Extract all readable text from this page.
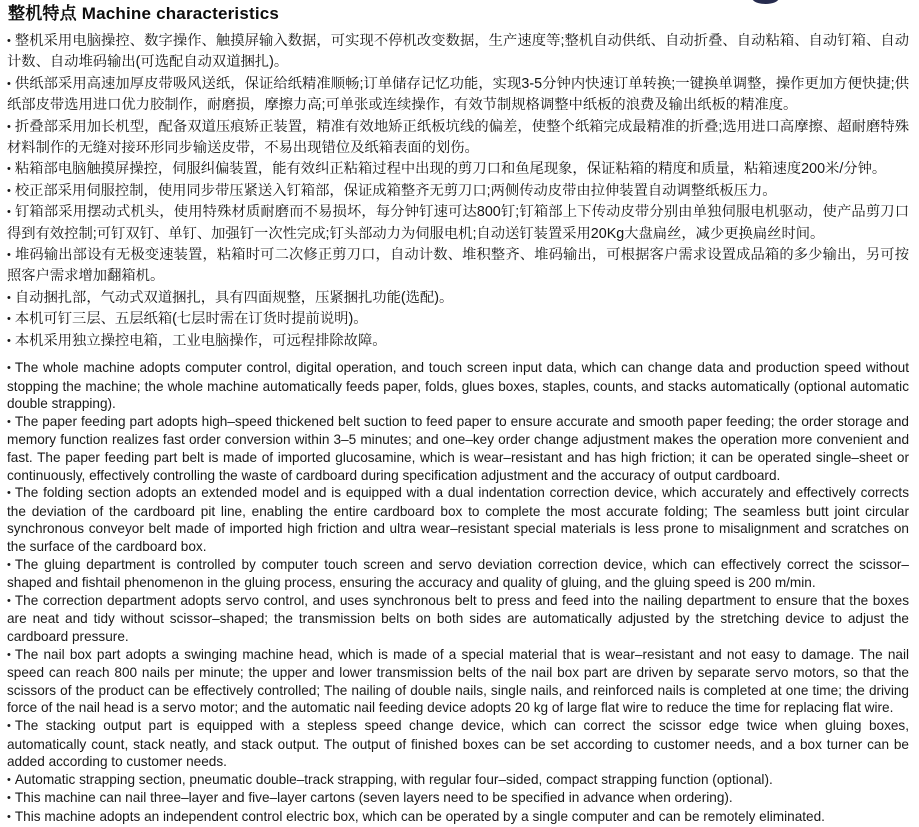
整机特点 Machine characteristics

• 整机采用电脑操控、数字操作、触摸屏输入数据，可实现不停机改变数据，生产速度等;整机自动供纸、自动折叠、自动粘箱、自动钉箱、自动计数、自动堆码输出(可选配自动双道捆扎)。

• 供纸部采用高速加厚皮带吸风送纸，保证给纸精准顺畅;订单储存记忆功能，实现3-5分钟内快速订单转换;一键换单调整，操作更加方便快捷;供纸部皮带选用进口优力胶制作，耐磨损，摩擦力高;可单张或连续操作，有效节制规格调整中纸板的浪费及输出纸板的精准度。

• 折叠部采用加长机型，配备双道压痕矫正装置，精准有效地矫正纸板坑线的偏差，使整个纸箱完成最精准的折叠;选用进口高摩擦、超耐磨特殊材料制作的无缝对接环形同步输送皮带，不易出现错位及纸箱表面的划伤。

• 粘箱部电脑触摸屏操控，伺服纠偏装置，能有效纠正粘箱过程中出现的剪刀口和鱼尾现象，保证粘箱的精度和质量，粘箱速度200米/分钟。

• 校正部采用伺服控制，使用同步带压紧送入钉箱部，保证成箱整齐无剪刀口;两侧传动皮带由拉伸装置自动调整纸板压力。

• 钉箱部采用摆动式机头，使用特殊材质耐磨而不易损坏，每分钟钉速可达800钉;钉箱部上下传动皮带分别由单独伺服电机驱动，使产品剪刀口得到有效控制;可钉双钉、单钉、加强钉一次性完成;钉头部动力为伺服电机;自动送钉装置采用20Kg大盘扁丝，减少更换扁丝时间。

• 堆码输出部设有无极变速装置，粘箱时可二次修正剪刀口，自动计数、堆积整齐、堆码输出，可根据客户需求设置成品箱的多少输出，另可按照客户需求增加翻箱机。

• 自动捆扎部，气动式双道捆扎，具有四面规整，压紧捆扎功能(选配)。

• 本机可钉三层、五层纸箱(七层时需在订货时提前说明)。

• 本机采用独立操控电箱，工业电脑操作，可远程排除故障。

• The whole machine adopts computer control, digital operation, and touch screen input data, which can change data and production speed without stopping the machine; the whole machine automatically feeds paper, folds, glues boxes, staples, counts, and stacks automatically (optional automatic double strapping).

• The paper feeding part adopts high–speed thickened belt suction to feed paper to ensure accurate and smooth paper feeding; the order storage and memory function realizes fast order conversion within 3–5 minutes; and one–key order change adjustment makes the operation more convenient and fast. The paper feeding part belt is made of imported glucosamine, which is wear–resistant and has high friction; it can be operated single–sheet or continuously, effectively controlling the waste of cardboard during specification adjustment and the accuracy of output cardboard.

• The folding section adopts an extended model and is equipped with a dual indentation correction device, which accurately and effectively corrects the deviation of the cardboard pit line, enabling the entire cardboard box to complete the most accurate folding; The seamless butt joint circular synchronous conveyor belt made of imported high friction and ultra wear–resistant special materials is less prone to misalignment and scratches on the surface of the cardboard box.

• The gluing department is controlled by computer touch screen and servo deviation correction device, which can effectively correct the scissor–shaped and fishtail phenomenon in the gluing process, ensuring the accuracy and quality of gluing, and the gluing speed is 200 m/min.

• The correction department adopts servo control, and uses synchronous belt to press and feed into the nailing department to ensure that the boxes are neat and tidy without scissor–shaped; the transmission belts on both sides are automatically adjusted by the stretching device to adjust the cardboard pressure.

• The nail box part adopts a swinging machine head, which is made of a special material that is wear–resistant and not easy to damage. The nail speed can reach 800 nails per minute; the upper and lower transmission belts of the nail box part are driven by separate servo motors, so that the scissors of the product can be effectively controlled; The nailing of double nails, single nails, and reinforced nails is completed at one time; the driving force of the nail head is a servo motor; and the automatic nail feeding device adopts 20 kg of large flat wire to reduce the time for replacing flat wire.

• The stacking output part is equipped with a stepless speed change device, which can correct the scissor edge twice when gluing boxes, automatically count, stack neatly, and stack output. The output of finished boxes can be set according to customer needs, and a box turner can be added according to customer needs.

• Automatic strapping section, pneumatic double–track strapping, with regular four–sided, compact strapping function (optional).

• This machine can nail three–layer and five–layer cartons (seven layers need to be specified in advance when ordering).

• This machine adopts an independent control electric box, which can be operated by a single computer and can be remotely eliminated.
